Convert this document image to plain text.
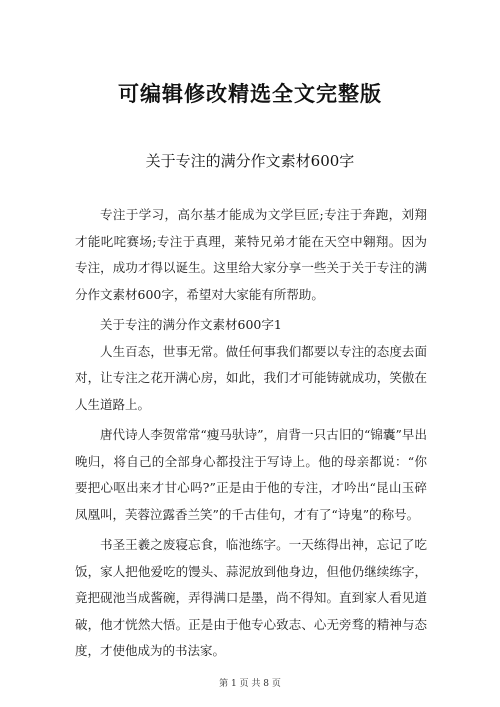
可编辑修改精选全文完整版
关于专注的满分作文素材600字

专注于学习，高尔基才能成为文学巨匠;专注于奔跑，刘翔才能叱咤赛场;专注于真理，莱特兄弟才能在天空中翱翔。因为专注，成功才得以诞生。这里给大家分享一些关于关于专注的满分作文素材600字，希望对大家能有所帮助。

关于专注的满分作文素材600字1

人生百态，世事无常。做任何事我们都要以专注的态度去面对，让专注之花开满心房，如此，我们才可能铸就成功，笑傲在人生道路上。

唐代诗人李贺常常“瘦马驮诗”，肩背一只古旧的“锦囊”早出晚归，将自己的全部身心都投注于写诗上。他的母亲都说：“你要把心呕出来才甘心吗?”正是由于他的专注，才吟出“昆山玉碎凤凰叫，芙蓉泣露香兰笑”的千古佳句，才有了“诗鬼”的称号。

书圣王羲之废寝忘食，临池练字。一天练得出神，忘记了吃饭，家人把他爱吃的馒头、蒜泥放到他身边，但他仍继续练字，竟把砚池当成酱碗，弄得满口是墨，尚不得知。直到家人看见道破，他才恍然大悟。正是由于他专心致志、心无旁骛的精神与态度，才使他成为的书法家。

第 1 页 共 8 页
